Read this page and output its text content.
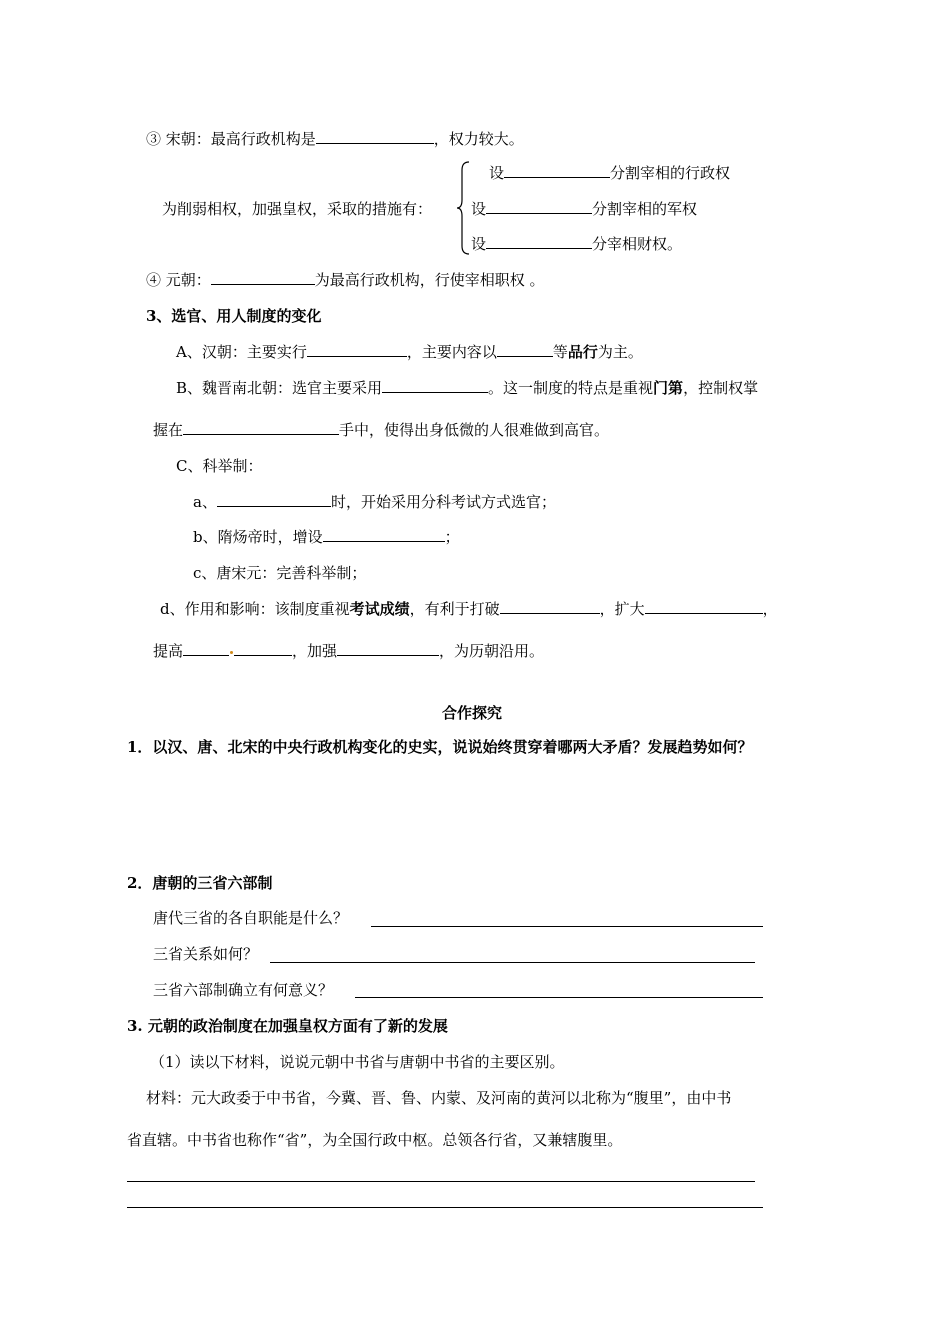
③ 宋朝：最高行政机构是	，权力较大。
设	分割宰相的行政权
为削弱相权，加强皇权，采取的措施有：	设	分割宰相的军权
设	分宰相财权。
④ 元朝：	为最高行政机构，行使宰相职权 。
3、选官、用人制度的变化
A、汉朝：主要实行	，主要内容以	等品行为主。
B、魏晋南北朝：选官主要采用	。这一制度的特点是重视门第，控制权掌
握在	手中，使得出身低微的人很难做到高官。
C、科举制：
a、	时，开始采用分科考试方式选官；
b、隋炀帝时，增设	；
c、唐宋元：完善科举制；
d、作用和影响：该制度重视考试成绩，有利于打破	，扩大	，
提高	，加强	，为历朝沿用。
合作探究
1．以汉、唐、北宋的中央行政机构变化的史实，说说始终贯穿着哪两大矛盾？发展趋势如何？
2．唐朝的三省六部制
唐代三省的各自职能是什么？
三省关系如何？
三省六部制确立有何意义？
3. 元朝的政治制度在加强皇权方面有了新的发展
（1）读以下材料，说说元朝中书省与唐朝中书省的主要区别。
材料：元大政委于中书省，今冀、晋、鲁、内蒙、及河南的黄河以北称为“腹里”，由中书
省直辖。中书省也称作“省”，为全国行政中枢。总领各行省，又兼辖腹里。
